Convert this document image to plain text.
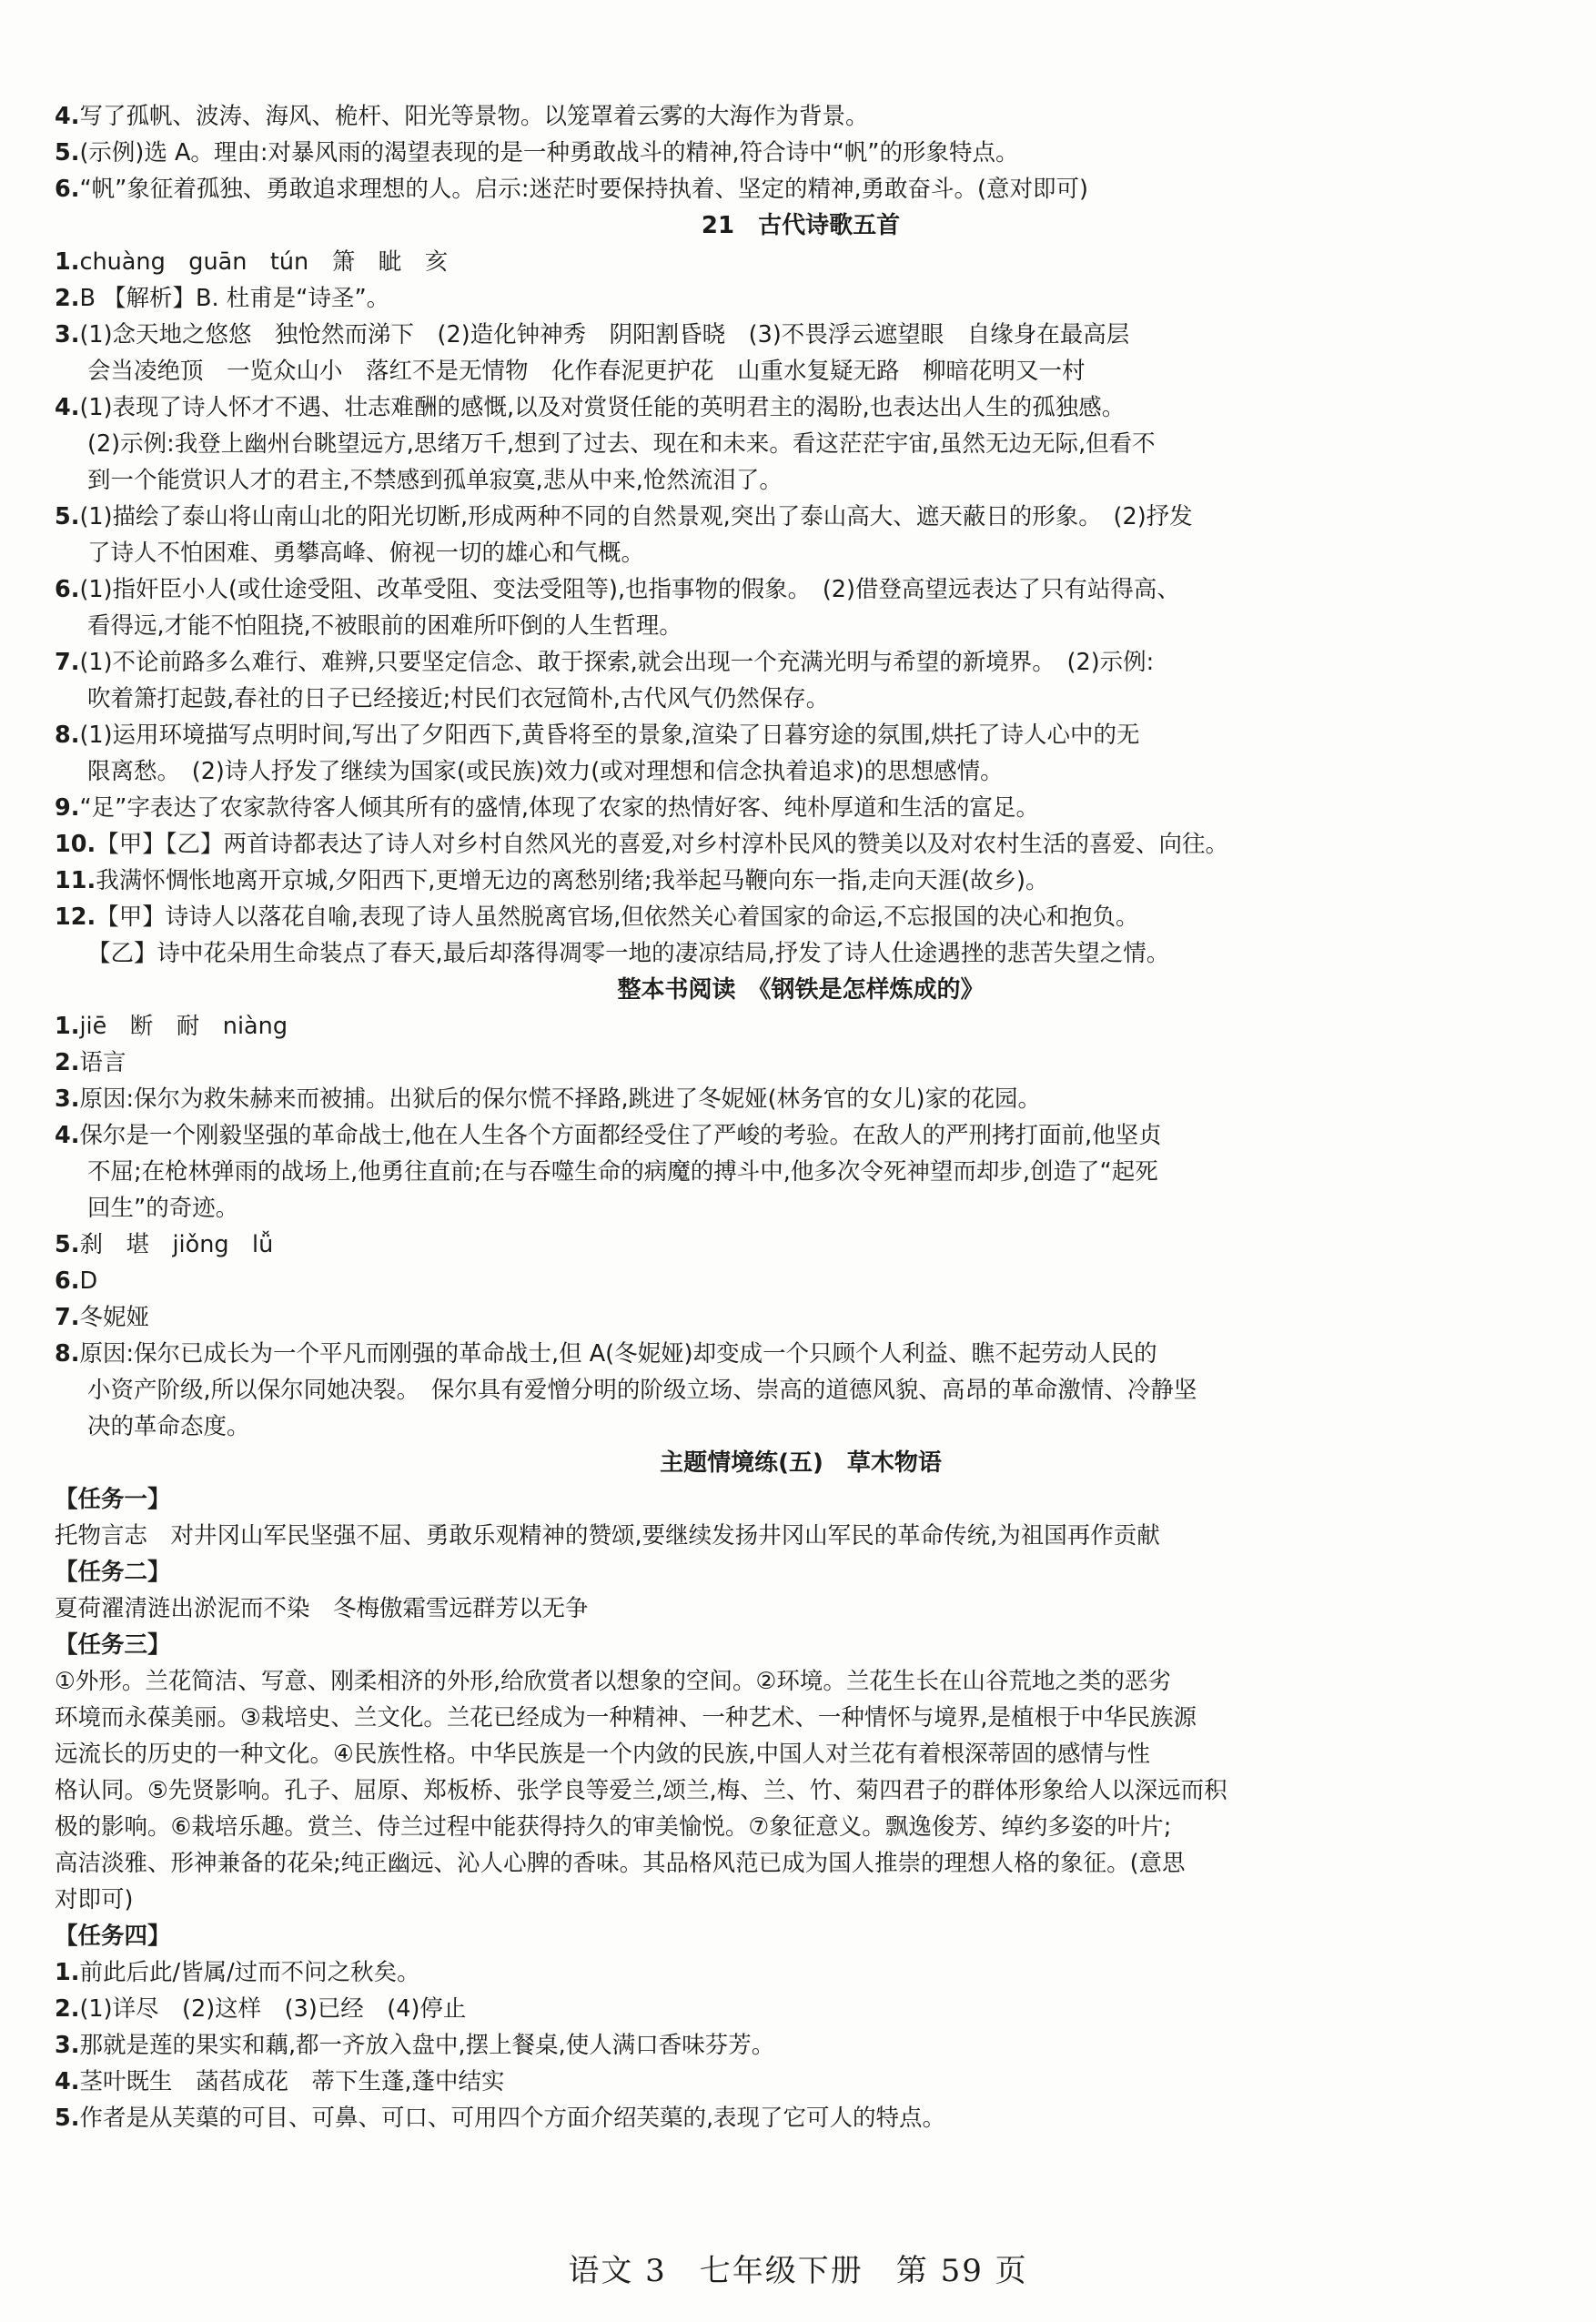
4.写了孤帆、波涛、海风、桅杆、阳光等景物。以笼罩着云雾的大海作为背景。
5.(示例)选 A。理由:对暴风雨的渴望表现的是一种勇敢战斗的精神,符合诗中“帆”的形象特点。
6.“帆”象征着孤独、勇敢追求理想的人。启示:迷茫时要保持执着、坚定的精神,勇敢奋斗。(意对即可)
21　古代诗歌五首
1.chuàng　guān　tún　箫　眦　亥
2.B 【解析】B. 杜甫是“诗圣”。
3.(1)念天地之悠悠　独怆然而涕下　(2)造化钟神秀　阴阳割昏晓　(3)不畏浮云遮望眼　自缘身在最高层
会当凌绝顶　一览众山小　落红不是无情物　化作春泥更护花　山重水复疑无路　柳暗花明又一村
4.(1)表现了诗人怀才不遇、壮志难酬的感慨,以及对赏贤任能的英明君主的渴盼,也表达出人生的孤独感。
(2)示例:我登上幽州台眺望远方,思绪万千,想到了过去、现在和未来。看这茫茫宇宙,虽然无边无际,但看不
到一个能赏识人才的君主,不禁感到孤单寂寞,悲从中来,怆然流泪了。
5.(1)描绘了泰山将山南山北的阳光切断,形成两种不同的自然景观,突出了泰山高大、遮天蔽日的形象。　(2)抒发
了诗人不怕困难、勇攀高峰、俯视一切的雄心和气概。
6.(1)指奸臣小人(或仕途受阻、改革受阻、变法受阻等),也指事物的假象。　(2)借登高望远表达了只有站得高、
看得远,才能不怕阻挠,不被眼前的困难所吓倒的人生哲理。
7.(1)不论前路多么难行、难辨,只要坚定信念、敢于探索,就会出现一个充满光明与希望的新境界。　(2)示例:
吹着箫打起鼓,春社的日子已经接近;村民们衣冠简朴,古代风气仍然保存。
8.(1)运用环境描写点明时间,写出了夕阳西下,黄昏将至的景象,渲染了日暮穷途的氛围,烘托了诗人心中的无
限离愁。　(2)诗人抒发了继续为国家(或民族)效力(或对理想和信念执着追求)的思想感情。
9.“足”字表达了农家款待客人倾其所有的盛情,体现了农家的热情好客、纯朴厚道和生活的富足。
10.【甲】【乙】两首诗都表达了诗人对乡村自然风光的喜爱,对乡村淳朴民风的赞美以及对农村生活的喜爱、向往。
11.我满怀惆怅地离开京城,夕阳西下,更增无边的离愁别绪;我举起马鞭向东一指,走向天涯(故乡)。
12.【甲】诗诗人以落花自喻,表现了诗人虽然脱离官场,但依然关心着国家的命运,不忘报国的决心和抱负。
【乙】诗中花朵用生命装点了春天,最后却落得凋零一地的凄凉结局,抒发了诗人仕途遇挫的悲苦失望之情。
整本书阅读　《钢铁是怎样炼成的》
1.jiē　断　耐　niàng
2.语言
3.原因:保尔为救朱赫来而被捕。出狱后的保尔慌不择路,跳进了冬妮娅(林务官的女儿)家的花园。
4.保尔是一个刚毅坚强的革命战士,他在人生各个方面都经受住了严峻的考验。在敌人的严刑拷打面前,他坚贞
不屈;在枪林弹雨的战场上,他勇往直前;在与吞噬生命的病魔的搏斗中,他多次令死神望而却步,创造了“起死
回生”的奇迹。
5.刹　堪　jiǒng　lǚ
6.D
7.冬妮娅
8.原因:保尔已成长为一个平凡而刚强的革命战士,但 A(冬妮娅)却变成一个只顾个人利益、瞧不起劳动人民的
小资产阶级,所以保尔同她决裂。　保尔具有爱憎分明的阶级立场、崇高的道德风貌、高昂的革命激情、冷静坚
决的革命态度。
主题情境练(五)　草木物语
【任务一】
托物言志　对井冈山军民坚强不屈、勇敢乐观精神的赞颂,要继续发扬井冈山军民的革命传统,为祖国再作贡献
【任务二】
夏荷濯清涟出淤泥而不染　冬梅傲霜雪远群芳以无争
【任务三】
①外形。兰花简洁、写意、刚柔相济的外形,给欣赏者以想象的空间。②环境。兰花生长在山谷荒地之类的恶劣
环境而永葆美丽。③栽培史、兰文化。兰花已经成为一种精神、一种艺术、一种情怀与境界,是植根于中华民族源
远流长的历史的一种文化。④民族性格。中华民族是一个内敛的民族,中国人对兰花有着根深蒂固的感情与性
格认同。⑤先贤影响。孔子、屈原、郑板桥、张学良等爱兰,颂兰,梅、兰、竹、菊四君子的群体形象给人以深远而积
极的影响。⑥栽培乐趣。赏兰、侍兰过程中能获得持久的审美愉悦。⑦象征意义。飘逸俊芳、绰约多姿的叶片;
高洁淡雅、形神兼备的花朵;纯正幽远、沁人心脾的香味。其品格风范已成为国人推崇的理想人格的象征。(意思
对即可)
【任务四】
1.前此后此/皆属/过而不问之秋矣。
2.(1)详尽　(2)这样　(3)已经　(4)停止
3.那就是莲的果实和藕,都一齐放入盘中,摆上餐桌,使人满口香味芬芳。
4.茎叶既生　菡萏成花　蒂下生蓬,蓬中结实
5.作者是从芙蕖的可目、可鼻、可口、可用四个方面介绍芙蕖的,表现了它可人的特点。
语文 3　七年级下册　第 59 页
